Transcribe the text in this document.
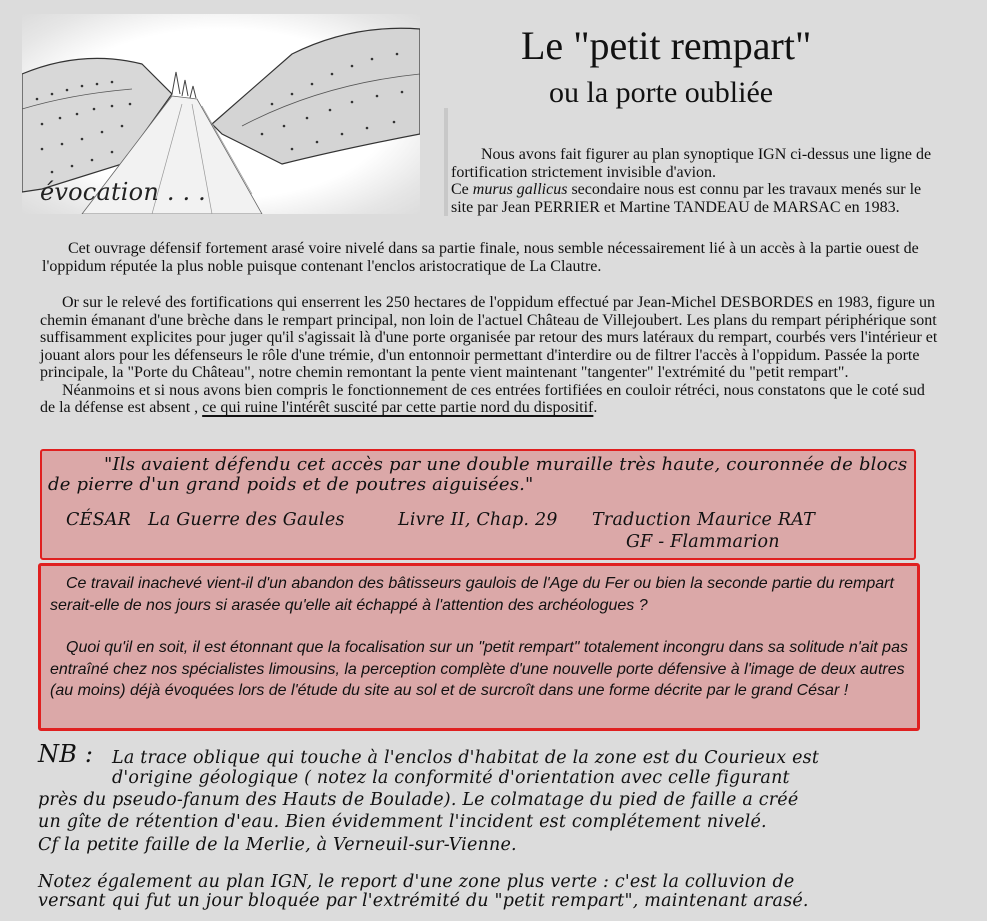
évocation . . .
Le "petit rempart"
ou la porte oubliée

Nous avons fait figurer au plan synoptique IGN ci-dessus une ligne de fortification strictement invisible d'avion.

Ce murus gallicus secondaire nous est connu par les travaux menés sur le site par Jean PERRIER et Martine TANDEAU de MARSAC en 1983.

Cet ouvrage défensif fortement arasé voire nivelé dans sa partie finale, nous semble nécessairement lié à un accès à la partie ouest de l'oppidum réputée la plus noble puisque contenant l'enclos aristocratique de La Clautre.

Or sur le relevé des fortifications qui enserrent les 250 hectares de l'oppidum effectué par Jean-Michel DESBORDES en 1983, figure un chemin émanant d'une brèche dans le rempart principal, non loin de l'actuel Château de Villejoubert. Les plans du rempart périphérique sont suffisamment explicites pour juger qu'il s'agissait là d'une porte organisée par retour des murs latéraux du rempart, courbés vers l'intérieur et jouant alors pour les défenseurs le rôle d'une trémie, d'un entonnoir permettant d'interdire ou de filtrer l'accès à l'oppidum. Passée la porte principale, la "Porte du Château", notre chemin remontant la pente vient maintenant "tangenter" l'extrémité du "petit rempart".

Néanmoins et si nous avons bien compris le fonctionnement de ces entrées fortifiées en couloir rétréci, nous constatons que le coté sud de la défense est absent , ce qui ruine l'intérêt suscité par cette partie nord du dispositif.

"Ils avaient défendu cet accès par une double muraille très haute, couronnée de blocs de pierre d'un grand poids et de poutres aiguisées."
CÉSAR La Guerre des Gaules	Livre II, Chap. 29 Traduction Maurice RAT
GF - Flammarion

Ce travail inachevé vient-il d'un abandon des bâtisseurs gaulois de l'Age du Fer ou bien la seconde partie du rempart serait-elle de nos jours si arasée qu'elle ait échappé à l'attention des archéologues ?

Quoi qu'il en soit, il est étonnant que la focalisation sur un "petit rempart" totalement incongru dans sa solitude n'ait pas entraîné chez nos spécialistes limousins, la perception complète d'une nouvelle porte défensive à l'image de deux autres (au moins) déjà évoquées lors de l'étude du site au sol et de surcroît dans une forme décrite par le grand César !

NB : La trace oblique qui touche à l'enclos d'habitat de la zone est du Courieux est
d'origine géologique ( notez la conformité d'orientation avec celle figurant
près du pseudo-fanum des Hauts de Boulade). Le colmatage du pied de faille a créé
un gîte de rétention d'eau. Bien évidemment l'incident est complétement nivelé.
Cf la petite faille de la Merlie, à Verneuil-sur-Vienne.
Notez également au plan IGN, le report d'une zone plus verte : c'est la colluvion de
versant qui fut un jour bloquée par l'extrémité du "petit rempart", maintenant arasé.
